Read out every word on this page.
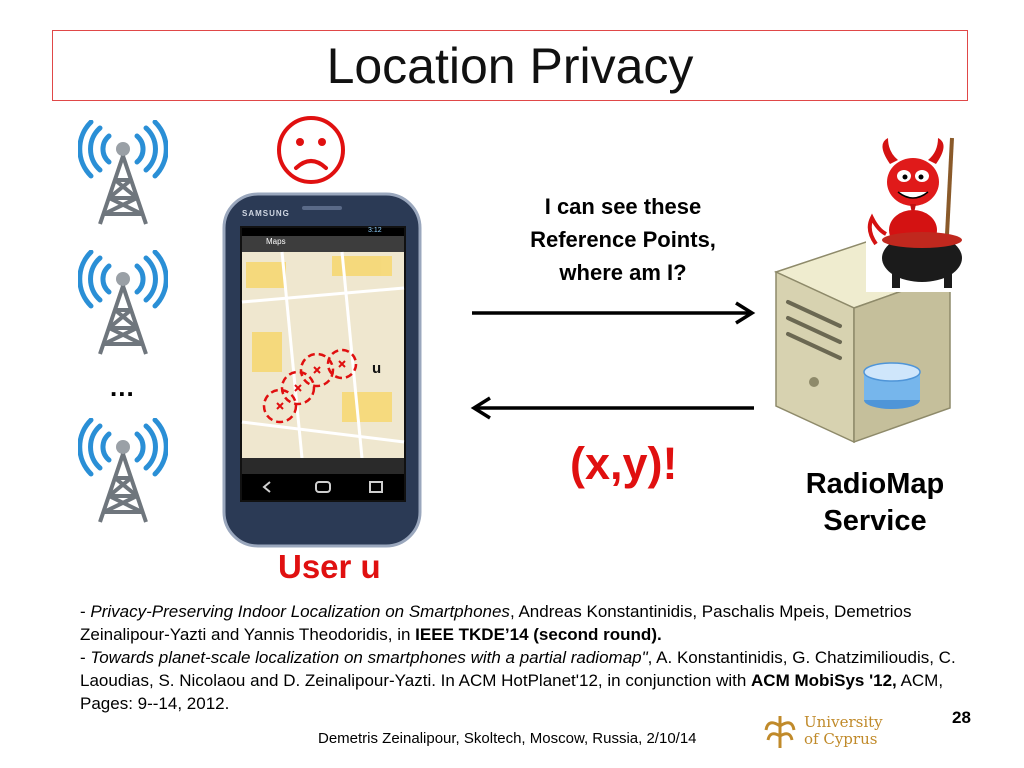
Location Privacy
...
SAMSUNG
3:12
Maps
u
User u
I can see these
Reference Points,
where am I?
(x,y)!	RadioMap
Service

- Privacy-Preserving Indoor Localization on Smartphones, Andreas Konstantinidis, Paschalis Mpeis, Demetrios Zeinalipour-Yazti and Yannis Theodoridis, in IEEE TKDE’14 (second round).

- Towards planet-scale localization on smartphones with a partial radiomap", A. Konstantinidis, G. Chatzimilioudis, C. Laoudias, S. Nicolaou and D. Zeinalipour-Yazti. In ACM HotPlanet'12, in conjunction with ACM MobiSys '12, ACM, Pages: 9--14, 2012.

28
University
of Cyprus
Demetris Zeinalipour, Skoltech, Moscow, Russia, 2/10/14
